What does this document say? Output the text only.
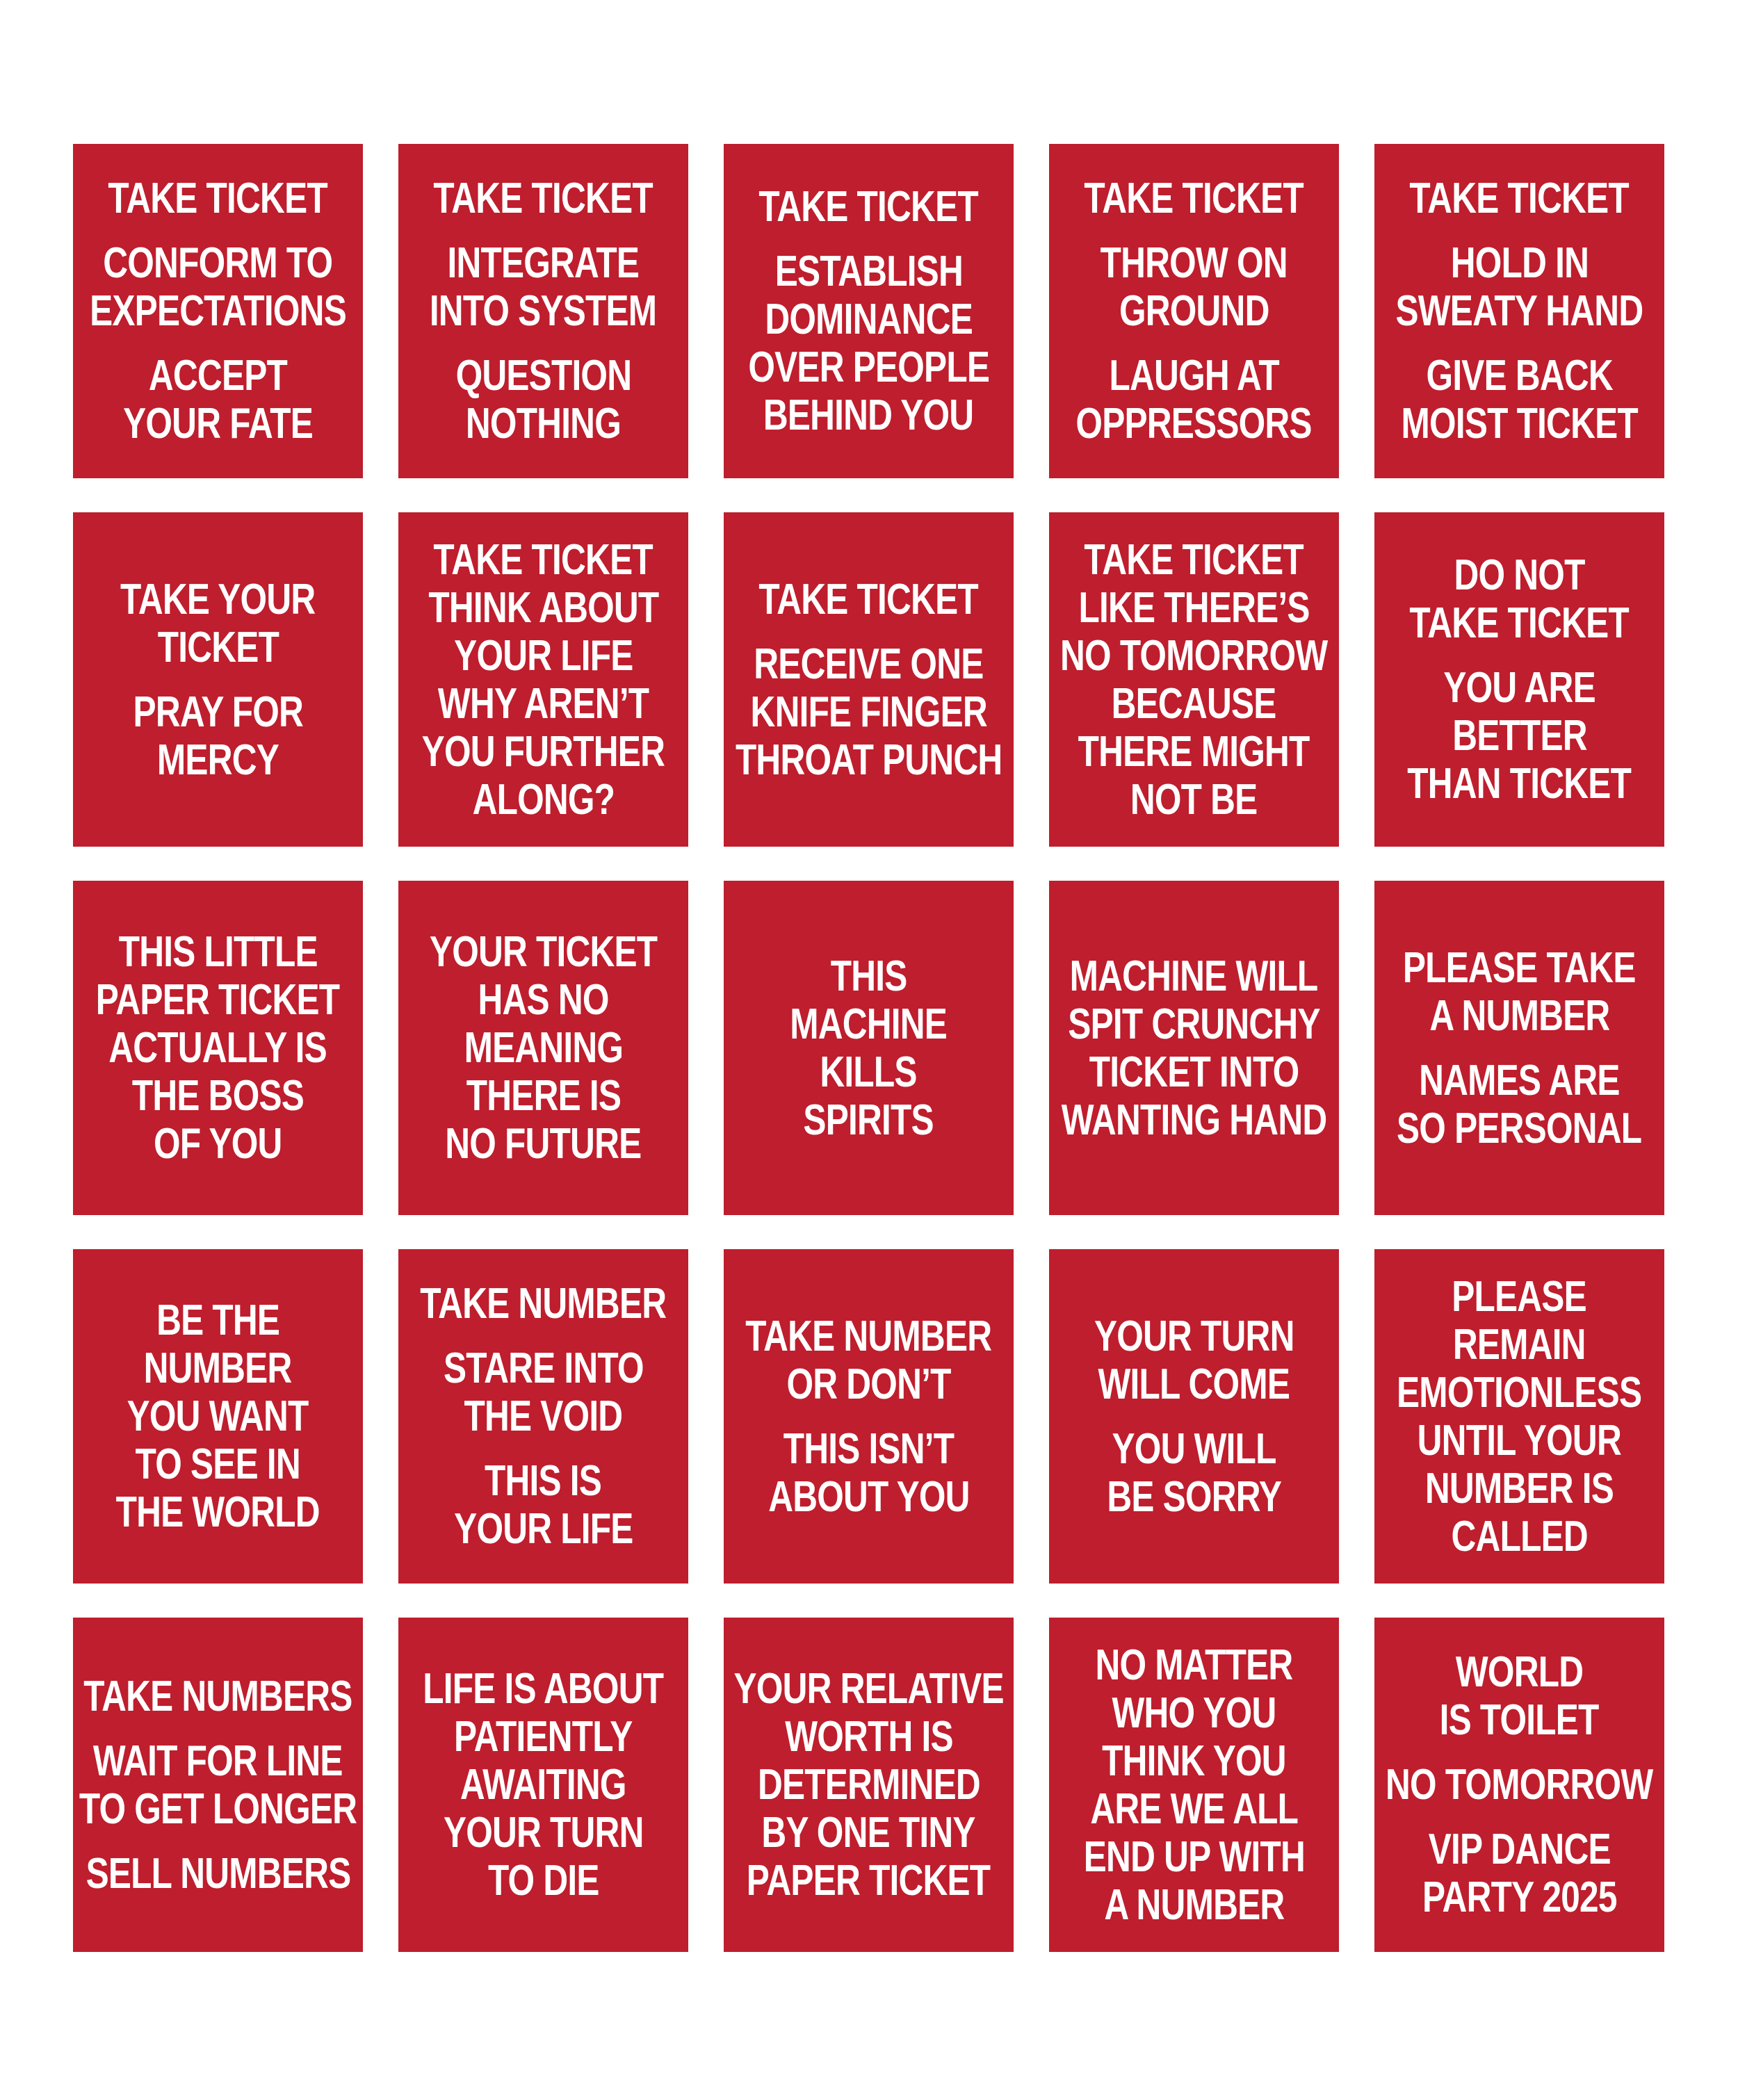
TAKE TICKET
CONFORM TO
EXPECTATIONS
ACCEPT
YOUR FATE
TAKE TICKET
INTEGRATE
INTO SYSTEM
QUESTION
NOTHING
TAKE TICKET
ESTABLISH
DOMINANCE
OVER PEOPLE
BEHIND YOU
TAKE TICKET
THROW ON
GROUND
LAUGH AT
OPPRESSORS
TAKE TICKET
HOLD IN
SWEATY HAND
GIVE BACK
MOIST TICKET
TAKE YOUR
TICKET
PRAY FOR
MERCY
TAKE TICKET
THINK ABOUT
YOUR LIFE
WHY AREN’T
YOU FURTHER
ALONG?
TAKE TICKET
RECEIVE ONE
KNIFE FINGER
THROAT PUNCH
TAKE TICKET
LIKE THERE’S
NO TOMORROW
BECAUSE
THERE MIGHT
NOT BE
DO NOT
TAKE TICKET
YOU ARE
BETTER
THAN TICKET
THIS LITTLE
PAPER TICKET
ACTUALLY IS
THE BOSS
OF YOU
YOUR TICKET
HAS NO
MEANING
THERE IS
NO FUTURE
THIS
MACHINE
KILLS
SPIRITS
MACHINE WILL
SPIT CRUNCHY
TICKET INTO
WANTING HAND
PLEASE TAKE
A NUMBER
NAMES ARE
SO PERSONAL
BE THE
NUMBER
YOU WANT
TO SEE IN
THE WORLD
TAKE NUMBER
STARE INTO
THE VOID
THIS IS
YOUR LIFE
TAKE NUMBER
OR DON’T
THIS ISN’T
ABOUT YOU
YOUR TURN
WILL COME
YOU WILL
BE SORRY
PLEASE
REMAIN
EMOTIONLESS
UNTIL YOUR
NUMBER IS
CALLED
TAKE NUMBERS
WAIT FOR LINE
TO GET LONGER
SELL NUMBERS
LIFE IS ABOUT
PATIENTLY
AWAITING
YOUR TURN
TO DIE
YOUR RELATIVE
WORTH IS
DETERMINED
BY ONE TINY
PAPER TICKET
NO MATTER
WHO YOU
THINK YOU
ARE WE ALL
END UP WITH
A NUMBER
WORLD
IS TOILET
NO TOMORROW
VIP DANCE
PARTY 2025
